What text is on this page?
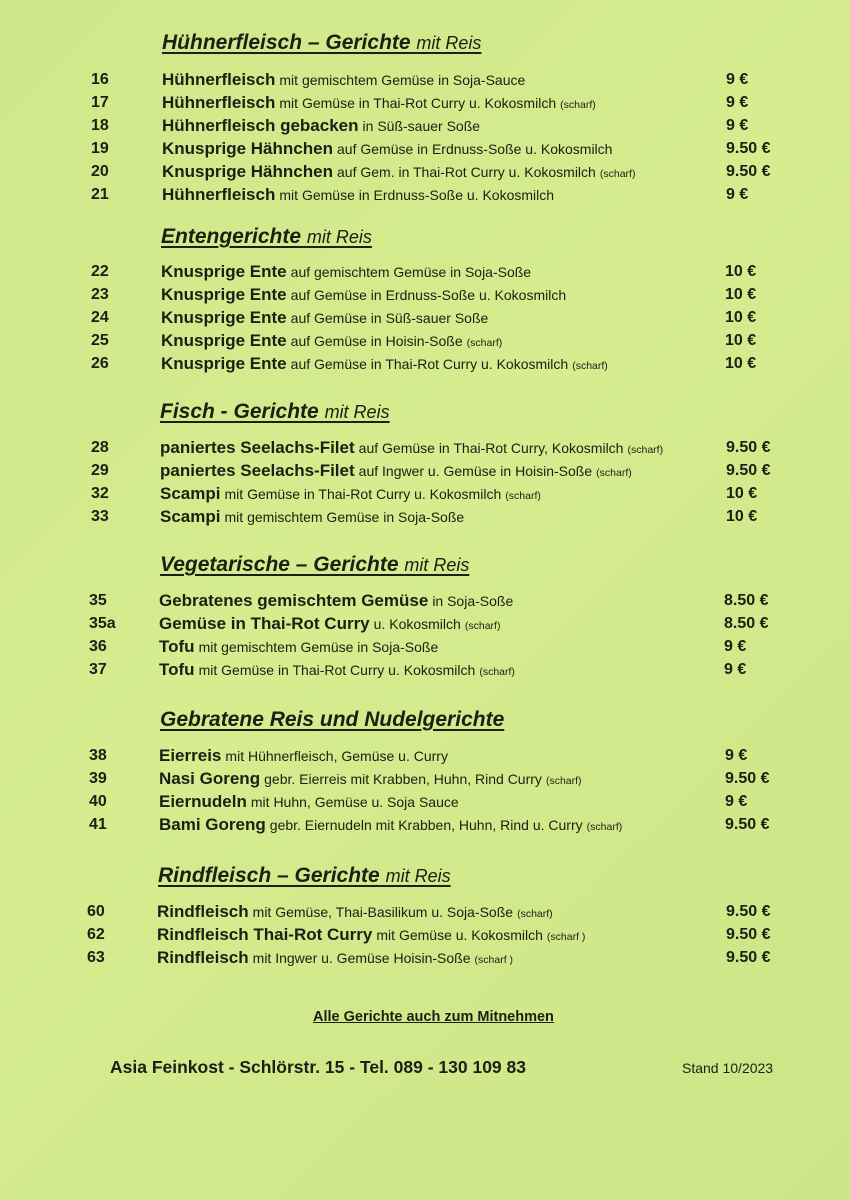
Hühnerfleisch – Gerichte mit Reis
16	Hühnerfleisch mit gemischtem Gemüse in Soja-Sauce	9 €
17	Hühnerfleisch mit Gemüse in Thai-Rot Curry u. Kokosmilch (scharf)	9 €
18	Hühnerfleisch gebacken in Süß-sauer Soße	9 €
19	Knusprige Hähnchen auf Gemüse in Erdnuss-Soße u. Kokosmilch	9.50 €
20	Knusprige Hähnchen auf Gem. in Thai-Rot Curry u. Kokosmilch (scharf)	9.50 €
21	Hühnerfleisch mit Gemüse in Erdnuss-Soße u. Kokosmilch	9 €
Entengerichte mit Reis
22	Knusprige Ente auf gemischtem Gemüse in Soja-Soße	10 €
23	Knusprige Ente auf Gemüse in Erdnuss-Soße u. Kokosmilch	10 €
24	Knusprige Ente auf Gemüse in Süß-sauer Soße	10 €
25	Knusprige Ente auf Gemüse in Hoisin-Soße (scharf)	10 €
26	Knusprige Ente auf Gemüse in Thai-Rot Curry u. Kokosmilch (scharf)	10 €
Fisch - Gerichte mit Reis
28	paniertes Seelachs-Filet auf Gemüse in Thai-Rot Curry, Kokosmilch (scharf)	9.50 €
29	paniertes Seelachs-Filet auf Ingwer u. Gemüse in Hoisin-Soße (scharf)	9.50 €
32	Scampi mit Gemüse in Thai-Rot Curry u. Kokosmilch (scharf)	10 €
33	Scampi mit gemischtem Gemüse in Soja-Soße	10 €
Vegetarische – Gerichte mit Reis
35	Gebratenes gemischtem Gemüse in Soja-Soße	8.50 €
35a	Gemüse in Thai-Rot Curry u. Kokosmilch (scharf)	8.50 €
36	Tofu mit gemischtem Gemüse in Soja-Soße	9 €
37	Tofu mit Gemüse in Thai-Rot Curry u. Kokosmilch (scharf)	9 €
Gebratene Reis und Nudelgerichte
38	Eierreis mit Hühnerfleisch, Gemüse u. Curry	9 €
39	Nasi Goreng gebr. Eierreis mit Krabben, Huhn, Rind Curry (scharf)	9.50 €
40	Eiernudeln mit Huhn, Gemüse u. Soja Sauce	9 €
41	Bami Goreng gebr. Eiernudeln mit Krabben, Huhn, Rind u. Curry (scharf)	9.50 €
Rindfleisch – Gerichte mit Reis
60	Rindfleisch mit Gemüse, Thai-Basilikum u. Soja-Soße (scharf)	9.50 €
62	Rindfleisch Thai-Rot Curry mit Gemüse u. Kokosmilch (scharf )	9.50 €
63	Rindfleisch mit Ingwer u. Gemüse Hoisin-Soße (scharf )	9.50 €
Alle Gerichte auch zum Mitnehmen
Asia Feinkost - Schlörstr. 15 - Tel. 089 - 130 109 83	Stand 10/2023
